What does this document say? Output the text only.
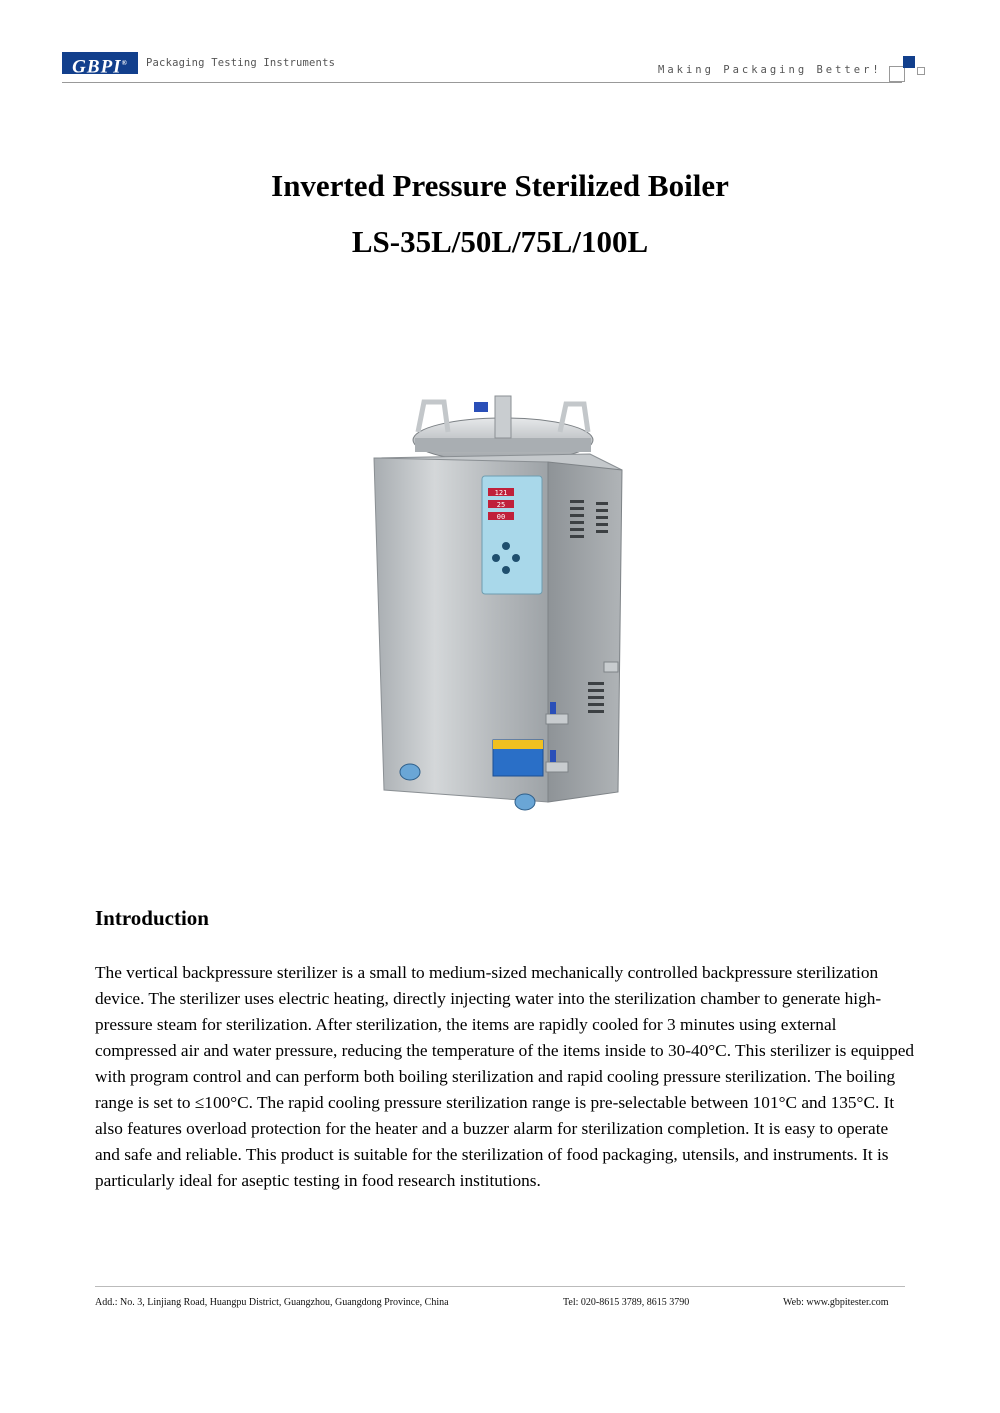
GBPI®	Packaging Testing Instruments
Making Packaging Better!
Inverted Pressure Sterilized Boiler
LS-35L/50L/75L/100L
121
25
00
Introduction
The vertical backpressure sterilizer is a small to medium-sized mechanically controlled backpressure sterilization device. The sterilizer uses electric heating, directly injecting water into the sterilization chamber to generate high-pressure steam for sterilization. After sterilization, the items are rapidly cooled for 3 minutes using external compressed air and water pressure, reducing the temperature of the items inside to 30-40°C. This sterilizer is equipped with program control and can perform both boiling sterilization and rapid cooling pressure sterilization. The boiling range is set to ≤100°C. The rapid cooling pressure sterilization range is pre-selectable between 101°C and 135°C. It also features overload protection for the heater and a buzzer alarm for sterilization completion. It is easy to operate and safe and reliable. This product is suitable for the sterilization of food packaging, utensils, and instruments. It is particularly ideal for aseptic testing in food research institutions.
Add.: No. 3, Linjiang Road, Huangpu District, Guangzhou, Guangdong Province, China	Tel: 020-8615 3789, 8615 3790	Web: www.gbpitester.com
